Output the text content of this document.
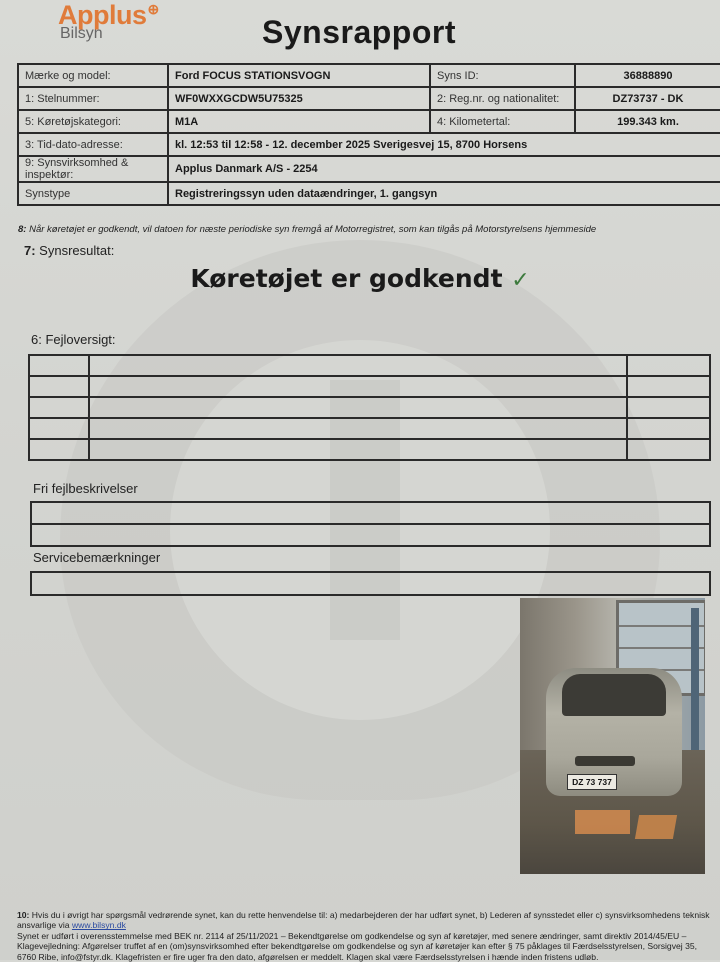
Applus⊕
Bilsyn	Synsrapport
Mærke og model:	Ford FOCUS STATIONSVOGN	Syns ID:	36888890
1: Stelnummer:	WF0WXXGCDW5U75325	2: Reg.nr. og nationalitet:	DZ73737 - DK
5: Køretøjskategori:	M1A	4: Kilometertal:	199.343 km.
3: Tid-dato-adresse:	kl. 12:53 til 12:58 - 12. december 2025 Sverigesvej 15, 8700 Horsens		
9: Synsvirksomhed & inspektør:	Applus Danmark A/S - 2254		
Synstype	Registreringssyn uden dataændringer, 1. gangsyn		
8: Når køretøjet er godkendt, vil datoen for næste periodiske syn fremgå af Motorregistret, som kan tilgås på Motorstyrelsens hjemmeside
7: Synsresultat:
Køretøjet er godkendt ✓
6: Fejloversigt:

Fri fejlbeskrivelser

Servicebemærkninger
DZ 73 737
10: Hvis du i øvrigt har spørgsmål vedrørende synet, kan du rette henvendelse til: a) medarbejderen der har udført synet, b) Lederen af synsstedet eller c) synsvirksomhedens teknisk ansvarlige via www.bilsyn.dk
Synet er udført i overensstemmelse med BEK nr. 2114 af 25/11/2021 – Bekendtgørelse om godkendelse og syn af køretøjer, med senere ændringer, samt direktiv 2014/45/EU –
Klagevejledning: Afgørelser truffet af en (om)synsvirksomhed efter bekendtgørelse om godkendelse og syn af køretøjer kan efter § 75 påklages til Færdselsstyrelsen, Sorsigvej 35, 6760 Ribe, info@fstyr.dk. Klagefristen er fire uger fra den dato, afgørelsen er meddelt. Klagen skal være Færdselsstyrelsen i hænde inden fristens udløb.
